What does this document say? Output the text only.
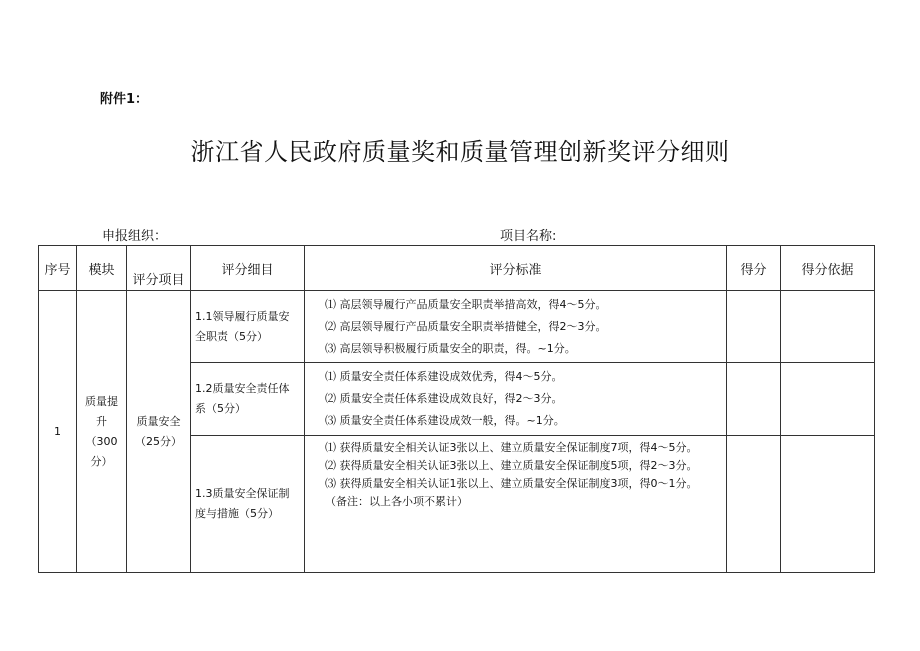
附件1：
浙江省人民政府质量奖和质量管理创新奖评分细则
申报组织：	项目名称:
序号	模块	评分项目	评分细目	评分标准	得分	得分依据
1	质量提升（300分）	质量安全（25分）	1.1领导履行质量安全职责（5分）	⑴ 高层领导履行产品质量安全职责举措高效，得4～5分。
⑵ 高层领导履行产品质量安全职责举措健全，得2～3分。
⑶ 高层领导积极履行质量安全的职责，得。~1分。		

			1.2质量安全责任体系（5分）	⑴ 质量安全责任体系建设成效优秀，得4～5分。
⑵ 质量安全责任体系建设成效良好，得2～3分。
⑶ 质量安全责任体系建设成效一般，得。~1分。		

			1.3质量安全保证制度与措施（5分）	⑴ 获得质量安全相关认证3张以上、建立质量安全保证制度7项，得4～5分。
⑵ 获得质量安全相关认证3张以上、建立质量安全保证制度5项，得2～3分。
⑶ 获得质量安全相关认证1张以上、建立质量安全保证制度3项，得0～1分。
（备注：以上各小项不累计）		
